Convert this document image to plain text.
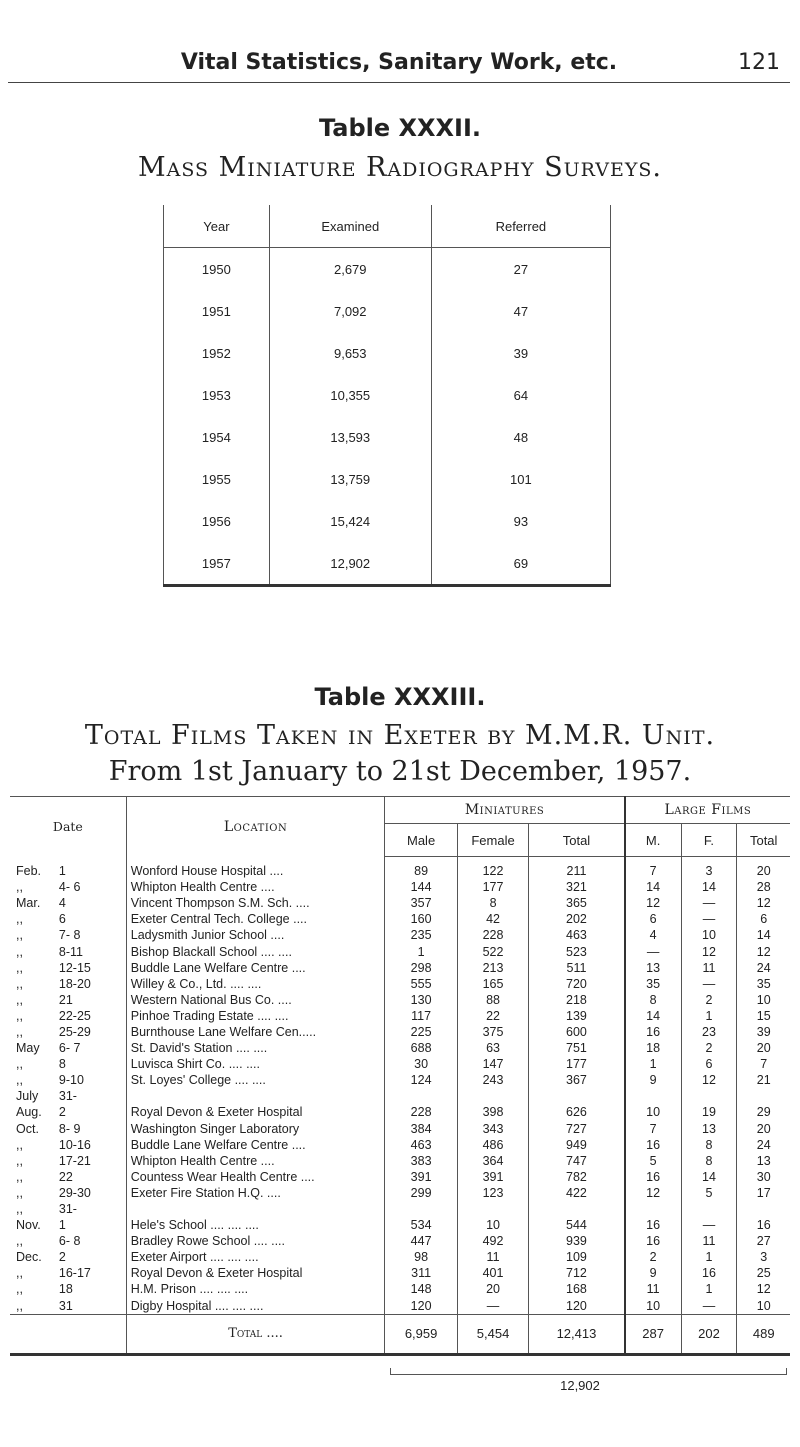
Vital Statistics, Sanitary Work, etc.	121
Table XXXII.
Mass Miniature Radiography Surveys.
Year	Examined	Referred
1950	2,679	27
1951	7,092	47
1952	9,653	39
1953	10,355	64
1954	13,593	48
1955	13,759	101
1956	15,424	93
1957	12,902	69
Table XXXIII.
Total Films Taken in Exeter by M.M.R. Unit.
From 1st January to 21st December, 1957.
Date		Location	Miniatures			Large Films		
			Male	Female	Total	M.	F.	Total

Feb.	1	Wonford House Hospital ....	89	122	211	7	3	20
,,	4- 6	Whipton Health Centre ....	144	177	321	14	14	28
Mar.	4	Vincent Thompson S.M. Sch. ....	357	8	365	12	—	12
,,	6	Exeter Central Tech. College ....	160	42	202	6	—	6
,,	7- 8	Ladysmith Junior School ....	235	228	463	4	10	14
,,	8-11	Bishop Blackall School .... ....	1	522	523	—	12	12
,,	12-15	Buddle Lane Welfare Centre ....	298	213	511	13	11	24
,,	18-20	Willey & Co., Ltd. .... ....	555	165	720	35	—	35
,,	21	Western National Bus Co. ....	130	88	218	8	2	10
,,	22-25	Pinhoe Trading Estate .... ....	117	22	139	14	1	15
,,	25-29	Burnthouse Lane Welfare Cen.....	225	375	600	16	23	39
May	6- 7	St. David's Station .... ....	688	63	751	18	2	20
,,	8	Luvisca Shirt Co. .... ....	30	147	177	1	6	7
,,	9-10	St. Loyes' College .... ....	124	243	367	9	12	21
July	31-							
Aug.	2	Royal Devon & Exeter Hospital	228	398	626	10	19	29
Oct.	8- 9	Washington Singer Laboratory	384	343	727	7	13	20
,,	10-16	Buddle Lane Welfare Centre ....	463	486	949	16	8	24
,,	17-21	Whipton Health Centre ....	383	364	747	5	8	13
,,	22	Countess Wear Health Centre ....	391	391	782	16	14	30
,,	29-30	Exeter Fire Station H.Q. ....	299	123	422	12	5	17
,,	31-							
Nov.	1	Hele's School .... .... ....	534	10	544	16	—	16
,,	6- 8	Bradley Rowe School .... ....	447	492	939	16	11	27
Dec.	2	Exeter Airport .... .... ....	98	11	109	2	1	3
,,	16-17	Royal Devon & Exeter Hospital	311	401	712	9	16	25
,,	18	H.M. Prison .... .... ....	148	20	168	11	1	12
,,	31	Digby Hospital .... .... ....	120	—	120	10	—	10
		Total ....	6,959	5,454	12,413	287	202	489
12,902
